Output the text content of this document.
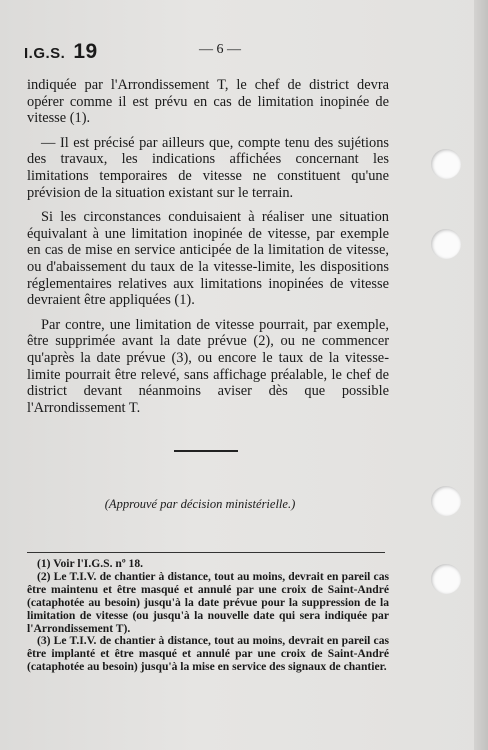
I.G.S. 19	— 6 —

indiquée par l'Arrondissement T, le chef de district devra opérer comme il est prévu en cas de limitation inopinée de vitesse (1).

— Il est précisé par ailleurs que, compte tenu des sujétions des travaux, les indications affichées concernant les limitations temporaires de vitesse ne constituent qu'une prévision de la situation existant sur le terrain.

Si les circonstances conduisaient à réaliser une situation équivalant à une limitation inopinée de vitesse, par exemple en cas de mise en service anticipée de la limitation de vitesse, ou d'abaissement du taux de la vitesse-limite, les dispositions réglementaires relatives aux limitations inopinées de vitesse devraient être appliquées (1).

Par contre, une limitation de vitesse pourrait, par exemple, être supprimée avant la date prévue (2), ou ne commencer qu'après la date prévue (3), ou encore le taux de la vitesse-limite pourrait être relevé, sans affichage préalable, le chef de district devant néanmoins aviser dès que possible l'Arrondissement T.

(Approuvé par décision ministérielle.)

(1) Voir l'I.G.S. nº 18.

(2) Le T.I.V. de chantier à distance, tout au moins, devrait en pareil cas être maintenu et être masqué et annulé par une croix de Saint-André (cataphotée au besoin) jusqu'à la date prévue pour la suppression de la limitation de vitesse (ou jusqu'à la nouvelle date qui sera indiquée par l'Arrondissement T).

(3) Le T.I.V. de chantier à distance, tout au moins, devrait en pareil cas être implanté et être masqué et annulé par une croix de Saint-André (cataphotée au besoin) jusqu'à la mise en service des signaux de chantier.
